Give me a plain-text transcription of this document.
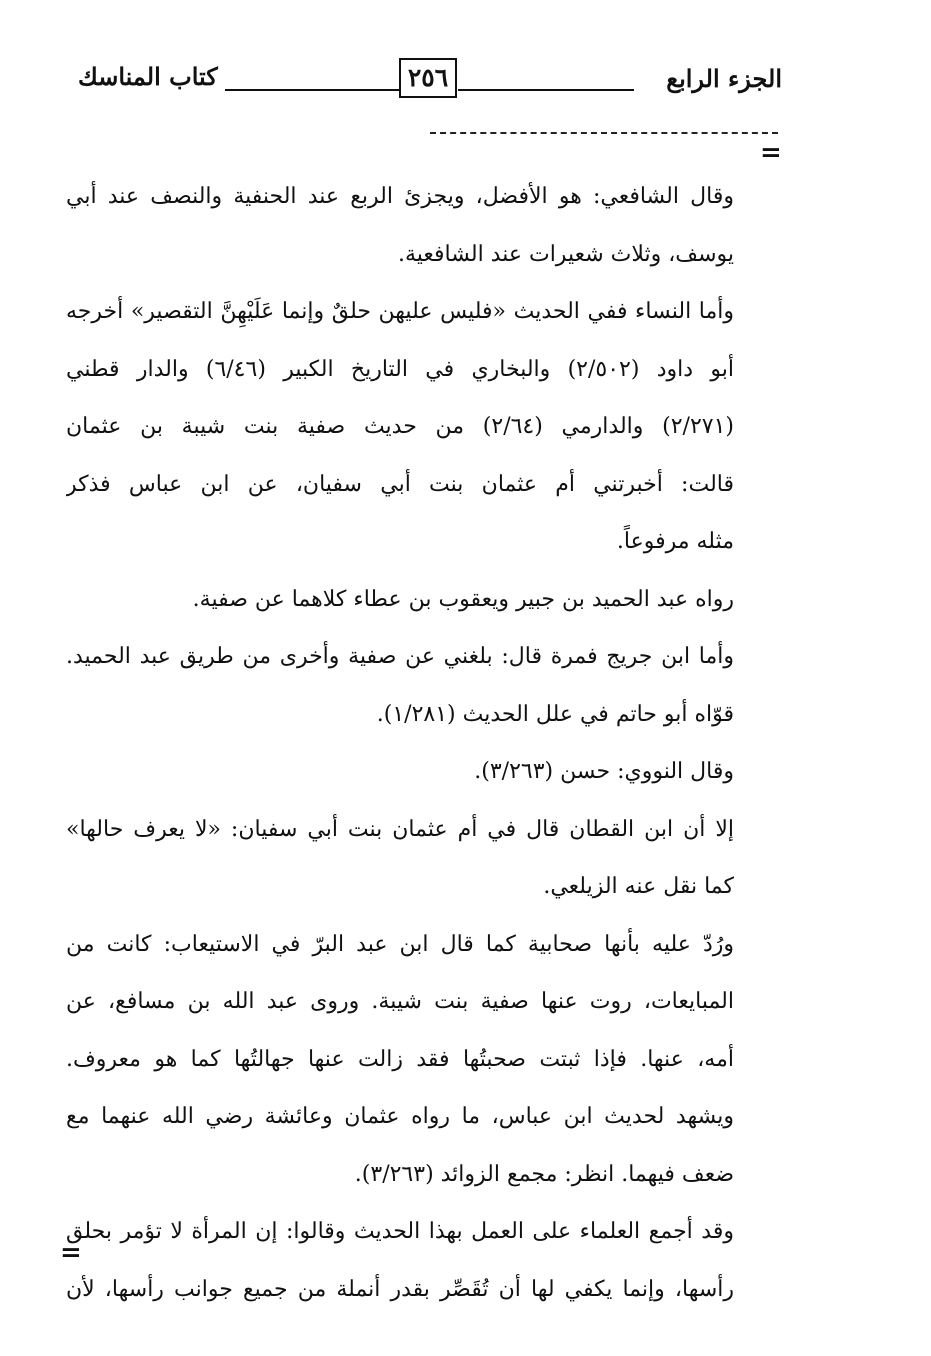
الجزء الرابع
٢٥٦
كتاب المناسك
=
وقال الشافعي: هو الأفضل، ويجزئ الربع عند الحنفية والنصف عند أبي
يوسف، وثلاث شعيرات عند الشافعية.
وأما النساء ففي الحديث «فليس عليهن حلقٌ وإنما عَلَيْهِنَّ التقصير» أخرجه
أبو داود (٢/٥٠٢) والبخاري في التاريخ الكبير (٦/٤٦) والدار قطني
(٢/٢٧١) والدارمي (٢/٦٤) من حديث صفية بنت شيبة بن عثمان
قالت: أخبرتني أم عثمان بنت أبي سفيان، عن ابن عباس فذكر
مثله مرفوعاً.
رواه عبد الحميد بن جبير ويعقوب بن عطاء كلاهما عن صفية.
وأما ابن جريج فمرة قال: بلغني عن صفية وأخرى من طريق عبد الحميد.
قوّاه أبو حاتم في علل الحديث (١/٢٨١).
وقال النووي: حسن (٣/٢٦٣).
إلا أن ابن القطان قال في أم عثمان بنت أبي سفيان: «لا يعرف حالها»
كما نقل عنه الزيلعي.
ورُدّ عليه بأنها صحابية كما قال ابن عبد البرّ في الاستيعاب: كانت من
المبايعات، روت عنها صفية بنت شيبة. وروى عبد الله بن مسافع، عن
أمه، عنها. فإذا ثبتت صحبتُها فقد زالت عنها جهالتُها كما هو معروف.
ويشهد لحديث ابن عباس، ما رواه عثمان وعائشة رضي الله عنهما مع
ضعف فيهما. انظر: مجمع الزوائد (٣/٢٦٣).
وقد أجمع العلماء على العمل بهذا الحديث وقالوا: إن المرأة لا تؤمر بحلق
رأسها، وإنما يكفي لها أن تُقَصِّر بقدر أنملة من جميع جوانب رأسها، لأن
=
